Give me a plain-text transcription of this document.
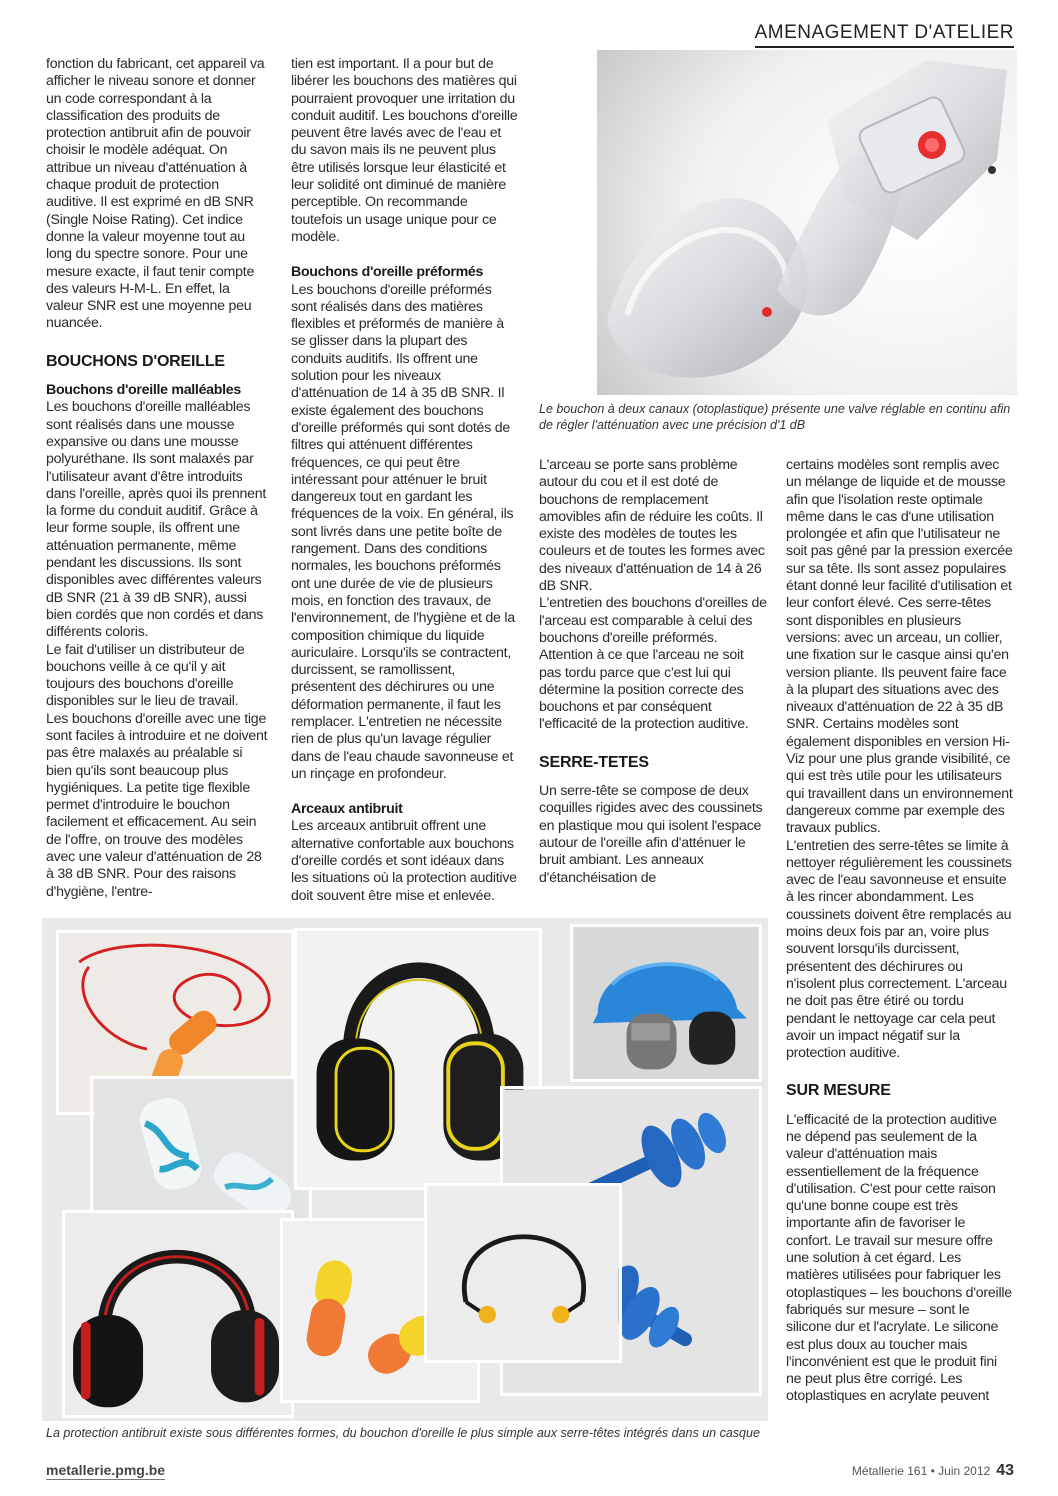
AMENAGEMENT D'ATELIER
Le bouchon à deux canaux (otoplastique) présente une valve réglable en continu afin de régler l'atténuation avec une précision d'1 dB

fonction du fabricant, cet appareil va afficher le niveau sonore et donner un code correspondant à la classification des produits de protection antibruit afin de pouvoir choisir le modèle adéquat. On attribue un niveau d'atténuation à chaque produit de protection auditive. Il est exprimé en dB SNR (Single Noise Rating). Cet indice donne la valeur moyenne tout au long du spectre sonore. Pour une mesure exacte, il faut tenir compte des valeurs H-M-L. En effet, la valeur SNR est une moyenne peu nuancée.

BOUCHONS D'OREILLE
Bouchons d'oreille malléables

Les bouchons d'oreille malléables sont réalisés dans une mousse expansive ou dans une mousse polyuréthane. Ils sont malaxés par l'utilisateur avant d'être introduits dans l'oreille, après quoi ils prennent la forme du conduit auditif. Grâce à leur forme souple, ils offrent une atténuation permanente, même pendant les discussions. Ils sont disponibles avec différentes valeurs dB SNR (21 à 39 dB SNR), aussi bien cordés que non cordés et dans différents coloris.

Le fait d'utiliser un distributeur de bouchons veille à ce qu'il y ait toujours des bouchons d'oreille disponibles sur le lieu de travail.

Les bouchons d'oreille avec une tige sont faciles à introduire et ne doivent pas être malaxés au préalable si bien qu'ils sont beaucoup plus hygiéniques. La petite tige flexible permet d'introduire le bouchon facilement et efficacement. Au sein de l'offre, on trouve des modèles avec une valeur d'atténuation de 28 à 38 dB SNR. Pour des raisons d'hygiène, l'entre-

tien est important. Il a pour but de libérer les bouchons des matières qui pourraient provoquer une irritation du conduit auditif. Les bouchons d'oreille peuvent être lavés avec de l'eau et du savon mais ils ne peuvent plus être utilisés lorsque leur élasticité et leur solidité ont diminué de manière perceptible. On recommande toutefois un usage unique pour ce modèle.

Bouchons d'oreille préformés

Les bouchons d'oreille préformés sont réalisés dans des matières flexibles et préformés de manière à se glisser dans la plupart des conduits auditifs. Ils offrent une solution pour les niveaux d'atténuation de 14 à 35 dB SNR. Il existe également des bouchons d'oreille préformés qui sont dotés de filtres qui atténuent différentes fréquences, ce qui peut être intéressant pour atténuer le bruit dangereux tout en gardant les fréquences de la voix. En général, ils sont livrés dans une petite boîte de rangement. Dans des conditions normales, les bouchons préformés ont une durée de vie de plusieurs mois, en fonction des travaux, de l'environnement, de l'hygiène et de la composition chimique du liquide auriculaire. Lorsqu'ils se contractent, durcissent, se ramollissent, présentent des déchirures ou une déformation permanente, il faut les remplacer. L'entretien ne nécessite rien de plus qu'un lavage régulier dans de l'eau chaude savonneuse et un rinçage en profondeur.

Arceaux antibruit

Les arceaux antibruit offrent une alternative confortable aux bouchons d'oreille cordés et sont idéaux dans les situations où la protection auditive doit souvent être mise et enlevée.

L'arceau se porte sans problème autour du cou et il est doté de bouchons de remplacement amovibles afin de réduire les coûts. Il existe des modèles de toutes les couleurs et de toutes les formes avec des niveaux d'atténuation de 14 à 26 dB SNR.

L'entretien des bouchons d'oreilles de l'arceau est comparable à celui des bouchons d'oreille préformés. Attention à ce que l'arceau ne soit pas tordu parce que c'est lui qui détermine la position correcte des bouchons et par conséquent l'efficacité de la protection auditive.

SERRE-TETES

Un serre-tête se compose de deux coquilles rigides avec des coussinets en plastique mou qui isolent l'espace autour de l'oreille afin d'atténuer le bruit ambiant. Les anneaux d'étanchéisation de

certains modèles sont remplis avec un mélange de liquide et de mousse afin que l'isolation reste optimale même dans le cas d'une utilisation prolongée et afin que l'utilisateur ne soit pas gêné par la pression exercée sur sa tête. Ils sont assez populaires étant donné leur facilité d'utilisation et leur confort élevé. Ces serre-têtes sont disponibles en plusieurs versions: avec un arceau, un collier, une fixation sur le casque ainsi qu'en version pliante. Ils peuvent faire face à la plupart des situations avec des niveaux d'atténuation de 22 à 35 dB SNR. Certains modèles sont également disponibles en version Hi-Viz pour une plus grande visibilité, ce qui est très utile pour les utilisateurs qui travaillent dans un environnement dangereux comme par exemple des travaux publics.

L'entretien des serre-têtes se limite à nettoyer régulièrement les coussinets avec de l'eau savonneuse et ensuite à les rincer abondamment. Les coussinets doivent être remplacés au moins deux fois par an, voire plus souvent lorsqu'ils durcissent, présentent des déchirures ou n'isolent plus correctement. L'arceau ne doit pas être étiré ou tordu pendant le nettoyage car cela peut avoir un impact négatif sur la protection auditive.

SUR MESURE

L'efficacité de la protection auditive ne dépend pas seulement de la valeur d'atténuation mais essentiellement de la fréquence d'utilisation. C'est pour cette raison qu'une bonne coupe est très importante afin de favoriser le confort. Le travail sur mesure offre une solution à cet égard. Les matières utilisées pour fabriquer les otoplastiques – les bouchons d'oreille fabriqués sur mesure – sont le silicone dur et l'acrylate. Le silicone est plus doux au toucher mais l'inconvénient est que le produit fini ne peut plus être corrigé. Les otoplastiques en acrylate peuvent

La protection antibruit existe sous différentes formes, du bouchon d'oreille le plus simple aux serre-têtes intégrés dans un casque
metallerie.pmg.be	Métallerie 161 • Juin 2012 43
